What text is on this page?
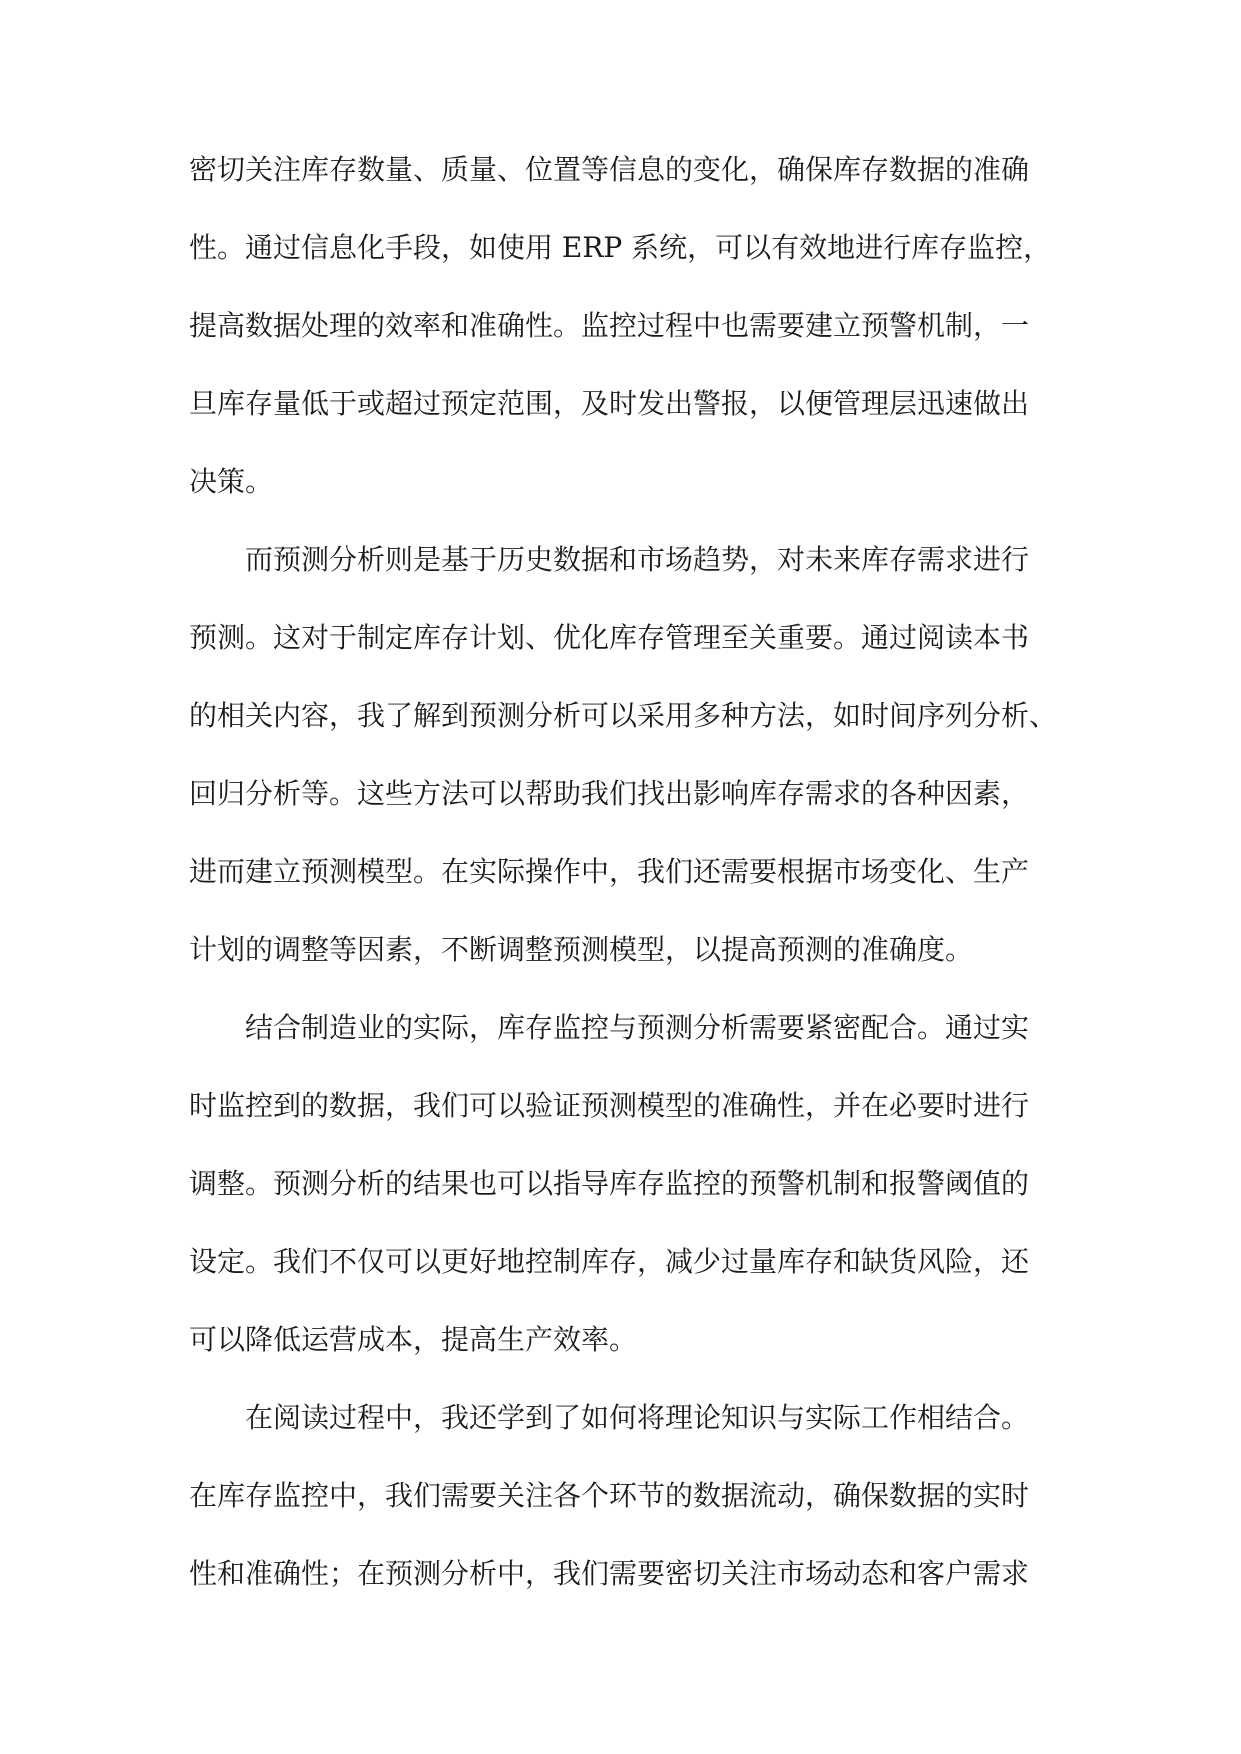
密切关注库存数量、质量、位置等信息的变化，确保库存数据的准确
性。通过信息化手段，如使用 ERP 系统，可以有效地进行库存监控，
提高数据处理的效率和准确性。监控过程中也需要建立预警机制，一
旦库存量低于或超过预定范围，及时发出警报，以便管理层迅速做出
决策。
　　而预测分析则是基于历史数据和市场趋势，对未来库存需求进行
预测。这对于制定库存计划、优化库存管理至关重要。通过阅读本书
的相关内容，我了解到预测分析可以采用多种方法，如时间序列分析、
回归分析等。这些方法可以帮助我们找出影响库存需求的各种因素，
进而建立预测模型。在实际操作中，我们还需要根据市场变化、生产
计划的调整等因素，不断调整预测模型，以提高预测的准确度。
　　结合制造业的实际，库存监控与预测分析需要紧密配合。通过实
时监控到的数据，我们可以验证预测模型的准确性，并在必要时进行
调整。预测分析的结果也可以指导库存监控的预警机制和报警阈值的
设定。我们不仅可以更好地控制库存，减少过量库存和缺货风险，还
可以降低运营成本，提高生产效率。
　　在阅读过程中，我还学到了如何将理论知识与实际工作相结合。
在库存监控中，我们需要关注各个环节的数据流动，确保数据的实时
性和准确性；在预测分析中，我们需要密切关注市场动态和客户需求
